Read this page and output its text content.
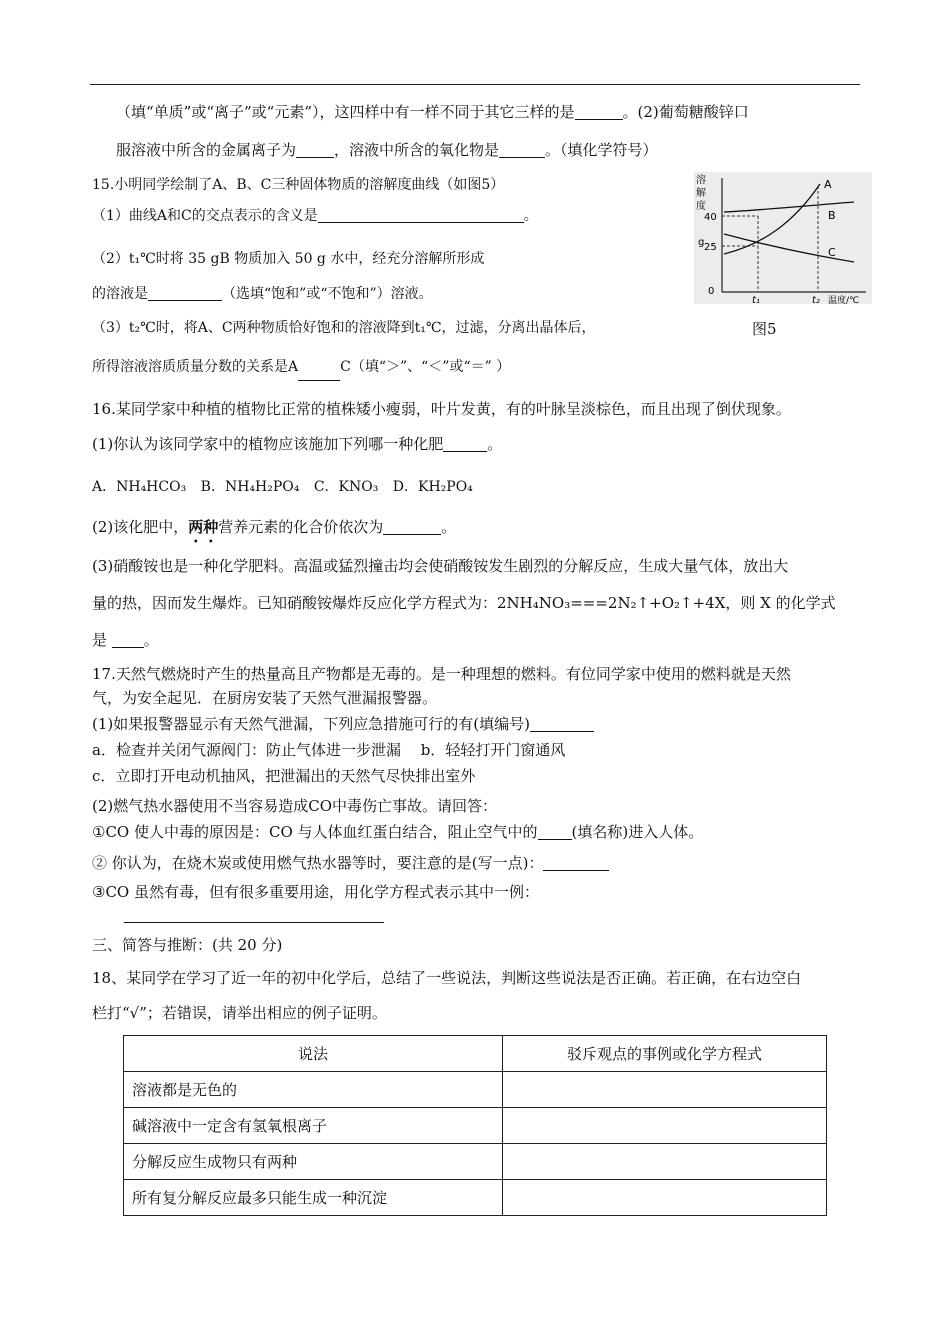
（填“单质”或“离子”或“元素”），这四样中有一样不同于其它三样的是	。(2)葡萄糖酸锌口
服溶液中所含的金属离子为	，溶液中所含的氧化物是	。（填化学符号）
15.小明同学绘制了A、B、C三种固体物质的溶解度曲线（如图5）
（1）曲线A和C的交点表示的含义是	。
（2）t₁℃时将 35 gB 物质加入 50 g 水中，经充分溶解所形成
的溶液是	（选填“饱和”或“不饱和”）溶液。
（3）t₂℃时，将A、C两种物质恰好饱和的溶液降到t₁℃，过滤，分离出晶体后，
所得溶液溶质质量分数的关系是A	C（填“＞”、“＜”或“＝” ）
溶
解
度
g
0
40
25
A
B
C
t₁	t₂ 温度/℃
图5
16.某同学家中种植的植物比正常的植株矮小瘦弱，叶片发黄，有的叶脉呈淡棕色，而且出现了倒伏现象。
(1)你认为该同学家中的植物应该施加下列哪一种化肥	。
A．NH₄HCO₃ B．NH₄H₂PO₄ C．KNO₃ D．KH₂PO₄
(2)该化肥中，两种营养元素的化合价依次为	。
(3)硝酸铵也是一种化学肥料。高温或猛烈撞击均会使硝酸铵发生剧烈的分解反应，生成大量气体，放出大
量的热，因而发生爆炸。已知硝酸铵爆炸反应化学方程式为：2NH₄NO₃===2N₂↑+O₂↑+4X，则 X 的化学式
是 。
17.天然气燃烧时产生的热量高且产物都是无毒的。是一种理想的燃料。有位同学家中使用的燃料就是天然
气，为安全起见．在厨房安装了天然气泄漏报警器。
(1)如果报警器显示有天然气泄漏，下列应急措施可行的有(填编号)
a．检查并关闭气源阀门：防止气体进一步泄漏　 b．轻轻打开门窗通风
c．立即打开电动机抽风，把泄漏出的天然气尽快排出室外
(2)燃气热水器使用不当容易造成CO中毒伤亡事故。请回答：
①CO 使人中毒的原因是：CO 与人体血红蛋白结合，阻止空气中的 (填名称)进入人体。
② 你认为，在烧木炭或使用燃气热水器等时，要注意的是(写一点)：
③CO 虽然有毒，但有很多重要用途，用化学方程式表示其中一例：
三、简答与推断：(共 20 分)
18、某同学在学习了近一年的初中化学后，总结了一些说法，判断这些说法是否正确。若正确，在右边空白
栏打“√”；若错误，请举出相应的例子证明。
说法	驳斥观点的事例或化学方程式
溶液都是无色的	
碱溶液中一定含有氢氧根离子	
分解反应生成物只有两种	
所有复分解反应最多只能生成一种沉淀	
